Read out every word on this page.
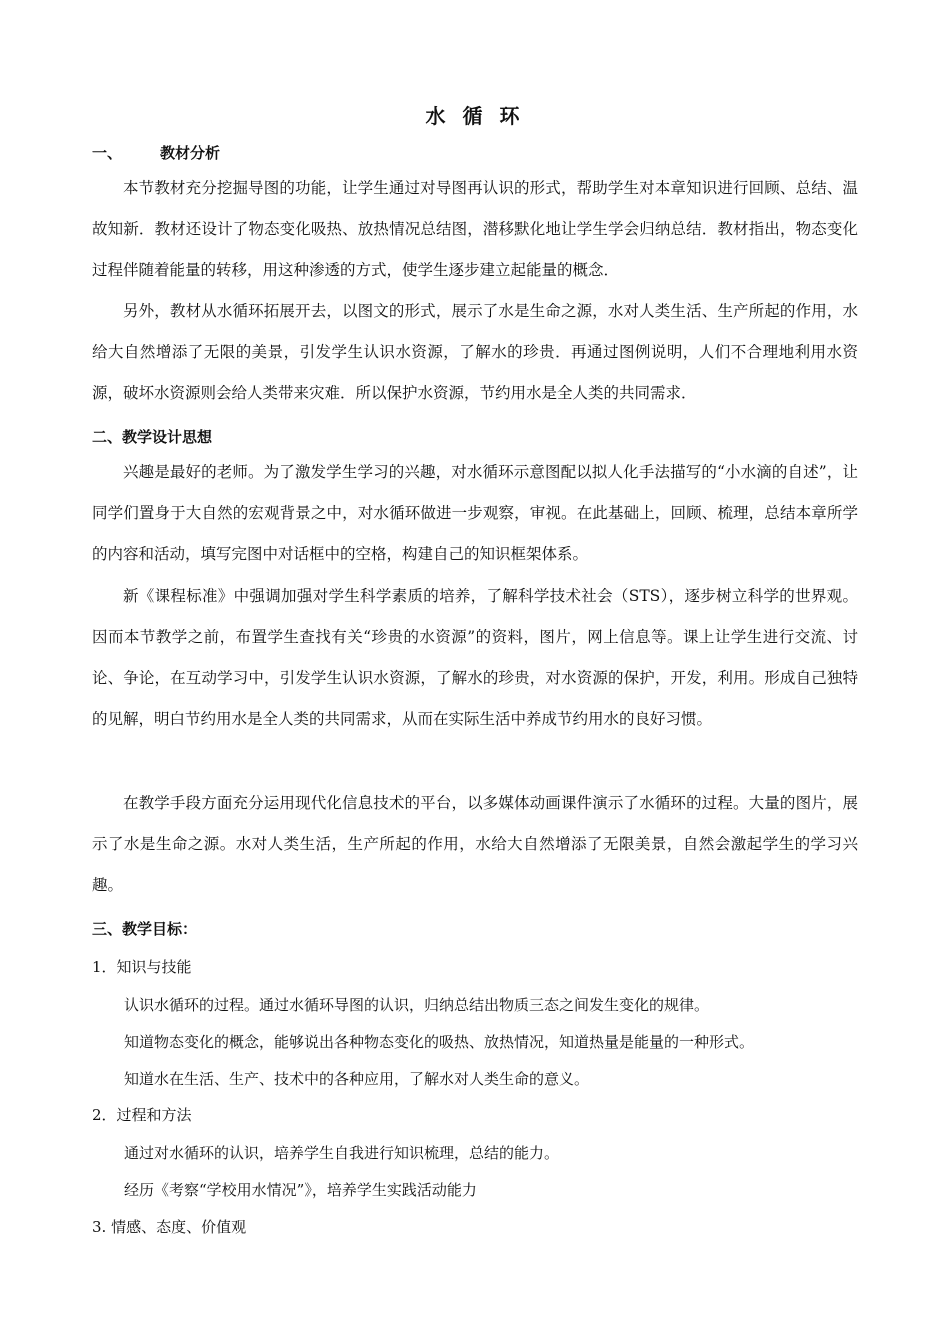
水 循 环
一、	教材分析

本节教材充分挖掘导图的功能，让学生通过对导图再认识的形式，帮助学生对本章知识进行回顾、总结、温故知新．教材还设计了物态变化吸热、放热情况总结图，潜移默化地让学生学会归纳总结．教材指出，物态变化过程伴随着能量的转移，用这种渗透的方式，使学生逐步建立起能量的概念．

另外，教材从水循环拓展开去，以图文的形式，展示了水是生命之源，水对人类生活、生产所起的作用，水给大自然增添了无限的美景，引发学生认识水资源，了解水的珍贵．再通过图例说明，人们不合理地利用水资源，破坏水资源则会给人类带来灾难．所以保护水资源，节约用水是全人类的共同需求．

二、教学设计思想

兴趣是最好的老师。为了激发学生学习的兴趣，对水循环示意图配以拟人化手法描写的“小水滴的自述”，让同学们置身于大自然的宏观背景之中，对水循环做进一步观察，审视。在此基础上，回顾、梳理，总结本章所学的内容和活动，填写完图中对话框中的空格，构建自己的知识框架体系。

新《课程标准》中强调加强对学生科学素质的培养，了解科学技术社会（STS），逐步树立科学的世界观。因而本节教学之前，布置学生查找有关“珍贵的水资源”的资料，图片，网上信息等。课上让学生进行交流、讨论、争论，在互动学习中，引发学生认识水资源，了解水的珍贵，对水资源的保护，开发，利用。形成自己独特的见解，明白节约用水是全人类的共同需求，从而在实际生活中养成节约用水的良好习惯。

在教学手段方面充分运用现代化信息技术的平台，以多媒体动画课件演示了水循环的过程。大量的图片，展示了水是生命之源。水对人类生活，生产所起的作用，水给大自然增添了无限美景，自然会激起学生的学习兴趣。

三、教学目标：
1．知识与技能
认识水循环的过程。通过水循环导图的认识，归纳总结出物质三态之间发生变化的规律。
知道物态变化的概念，能够说出各种物态变化的吸热、放热情况，知道热量是能量的一种形式。
知道水在生活、生产、技术中的各种应用，了解水对人类生命的意义。
2．过程和方法
通过对水循环的认识，培养学生自我进行知识梳理，总结的能力。
经历《考察“学校用水情况”》，培养学生实践活动能力
3. 情感、态度、价值观
